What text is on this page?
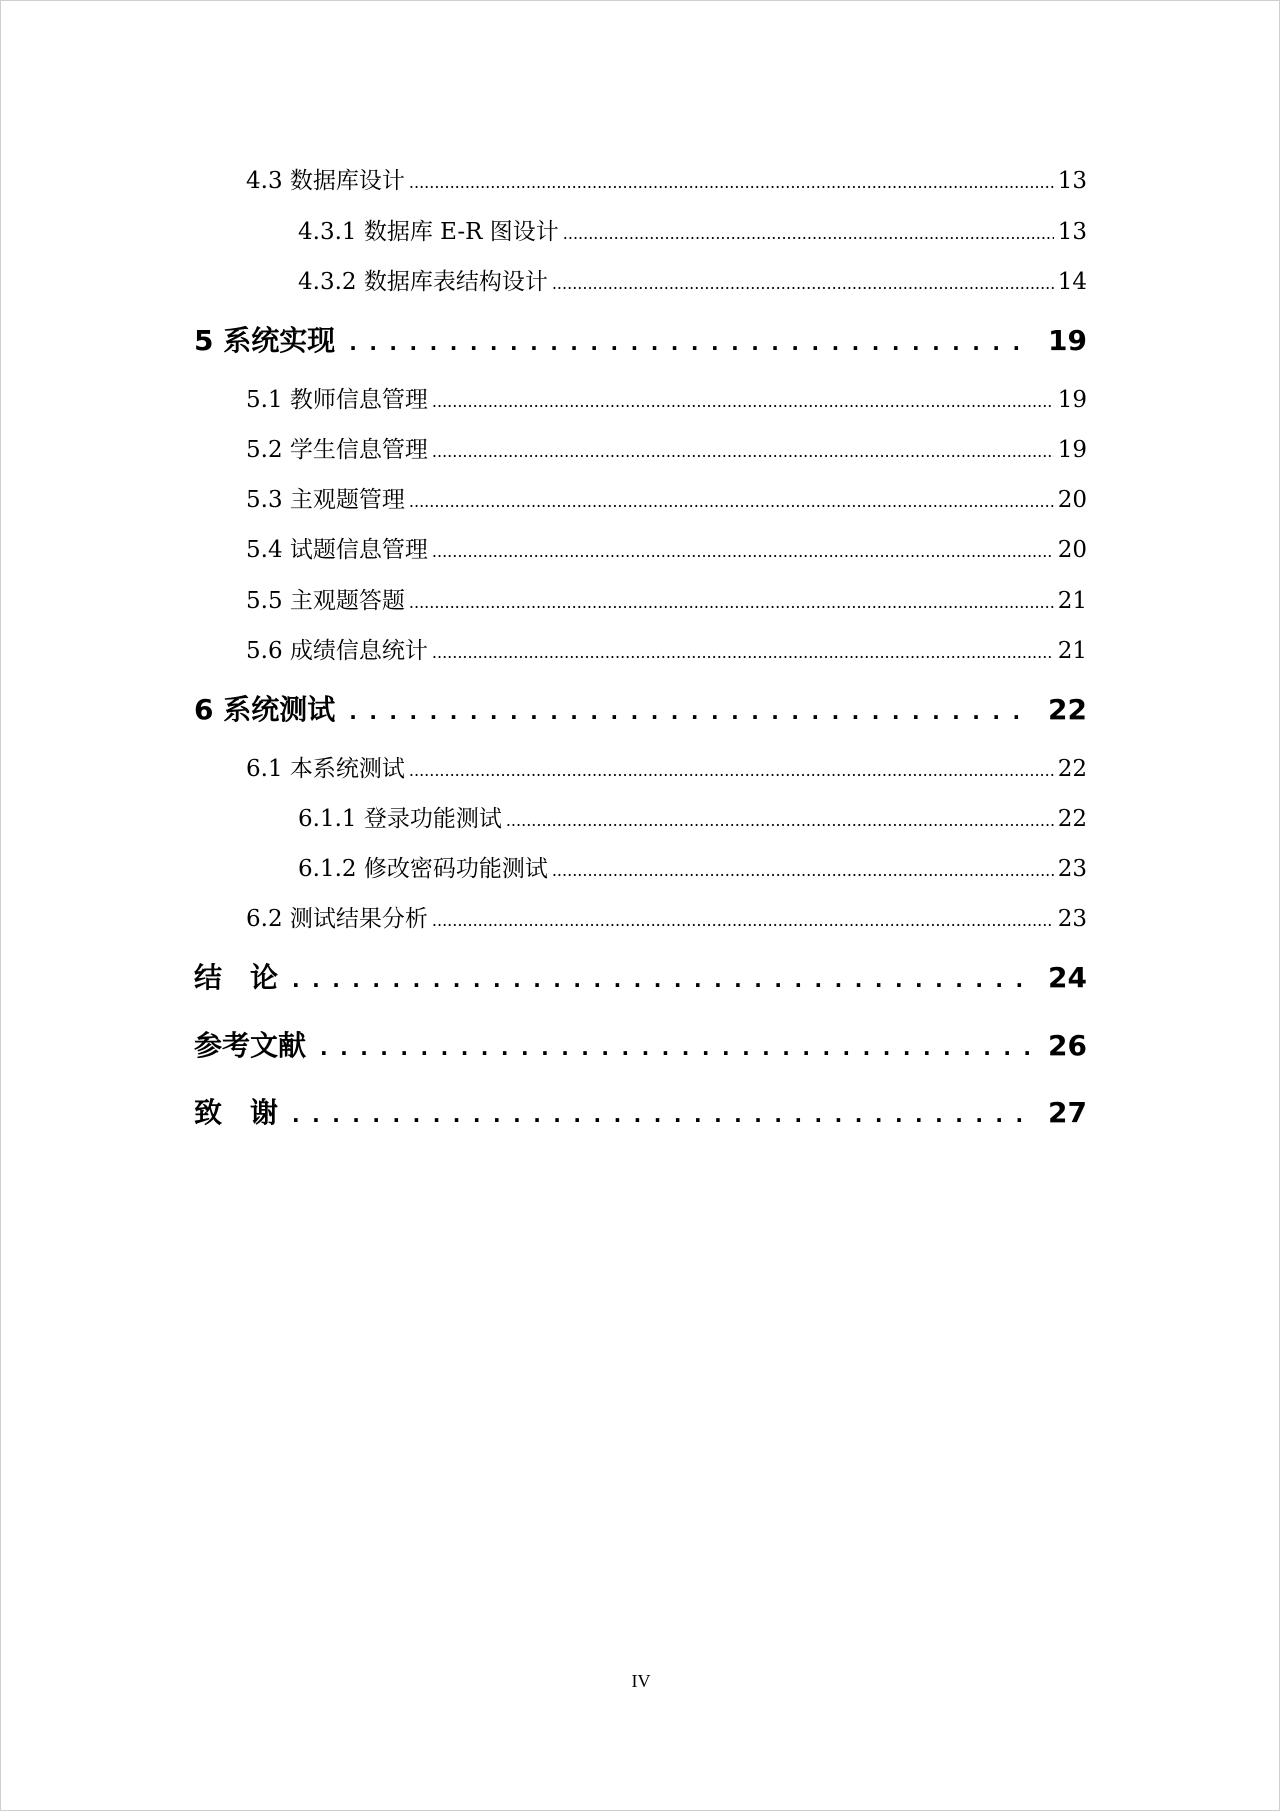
4.3 数据库设计 .....	13
4.3.1 数据库 E-R 图设计 .....	13
4.3.2 数据库表结构设计 .....	14
5 系统实现 .....	19
5.1 教师信息管理 .....	19
5.2 学生信息管理 .....	19
5.3 主观题管理 .....	20
5.4 试题信息管理 .....	20
5.5 主观题答题 .....	21
5.6 成绩信息统计 .....	21
6 系统测试 .....	22
6.1 本系统测试 .....	22
6.1.1 登录功能测试 .....	22
6.1.2 修改密码功能测试 .....	23
6.2 测试结果分析 .....	23
结　论 .....	24
参考文献 .....	26
致　谢 .....	27
IV
